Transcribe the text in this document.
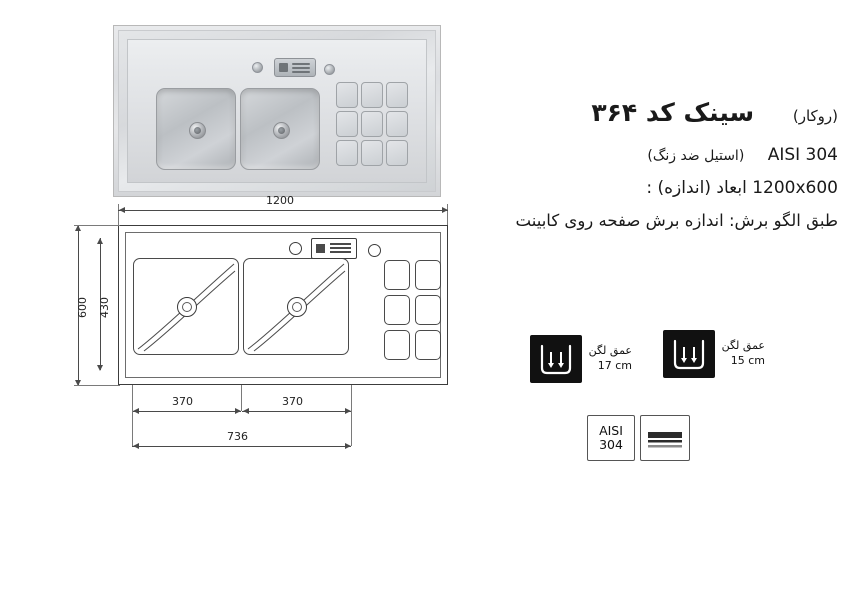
1200
600 430
370	370
736
(روکار) سینک کد ۳۶۴
AISI 304 (استیل ضد زنگ)
1200x600 ابعاد (اندازه) :
طبق الگو برش: اندازه برش صفحه روی کابینت
عمق لگن
15 cm
عمق لگن
17 cm
AISI
304
